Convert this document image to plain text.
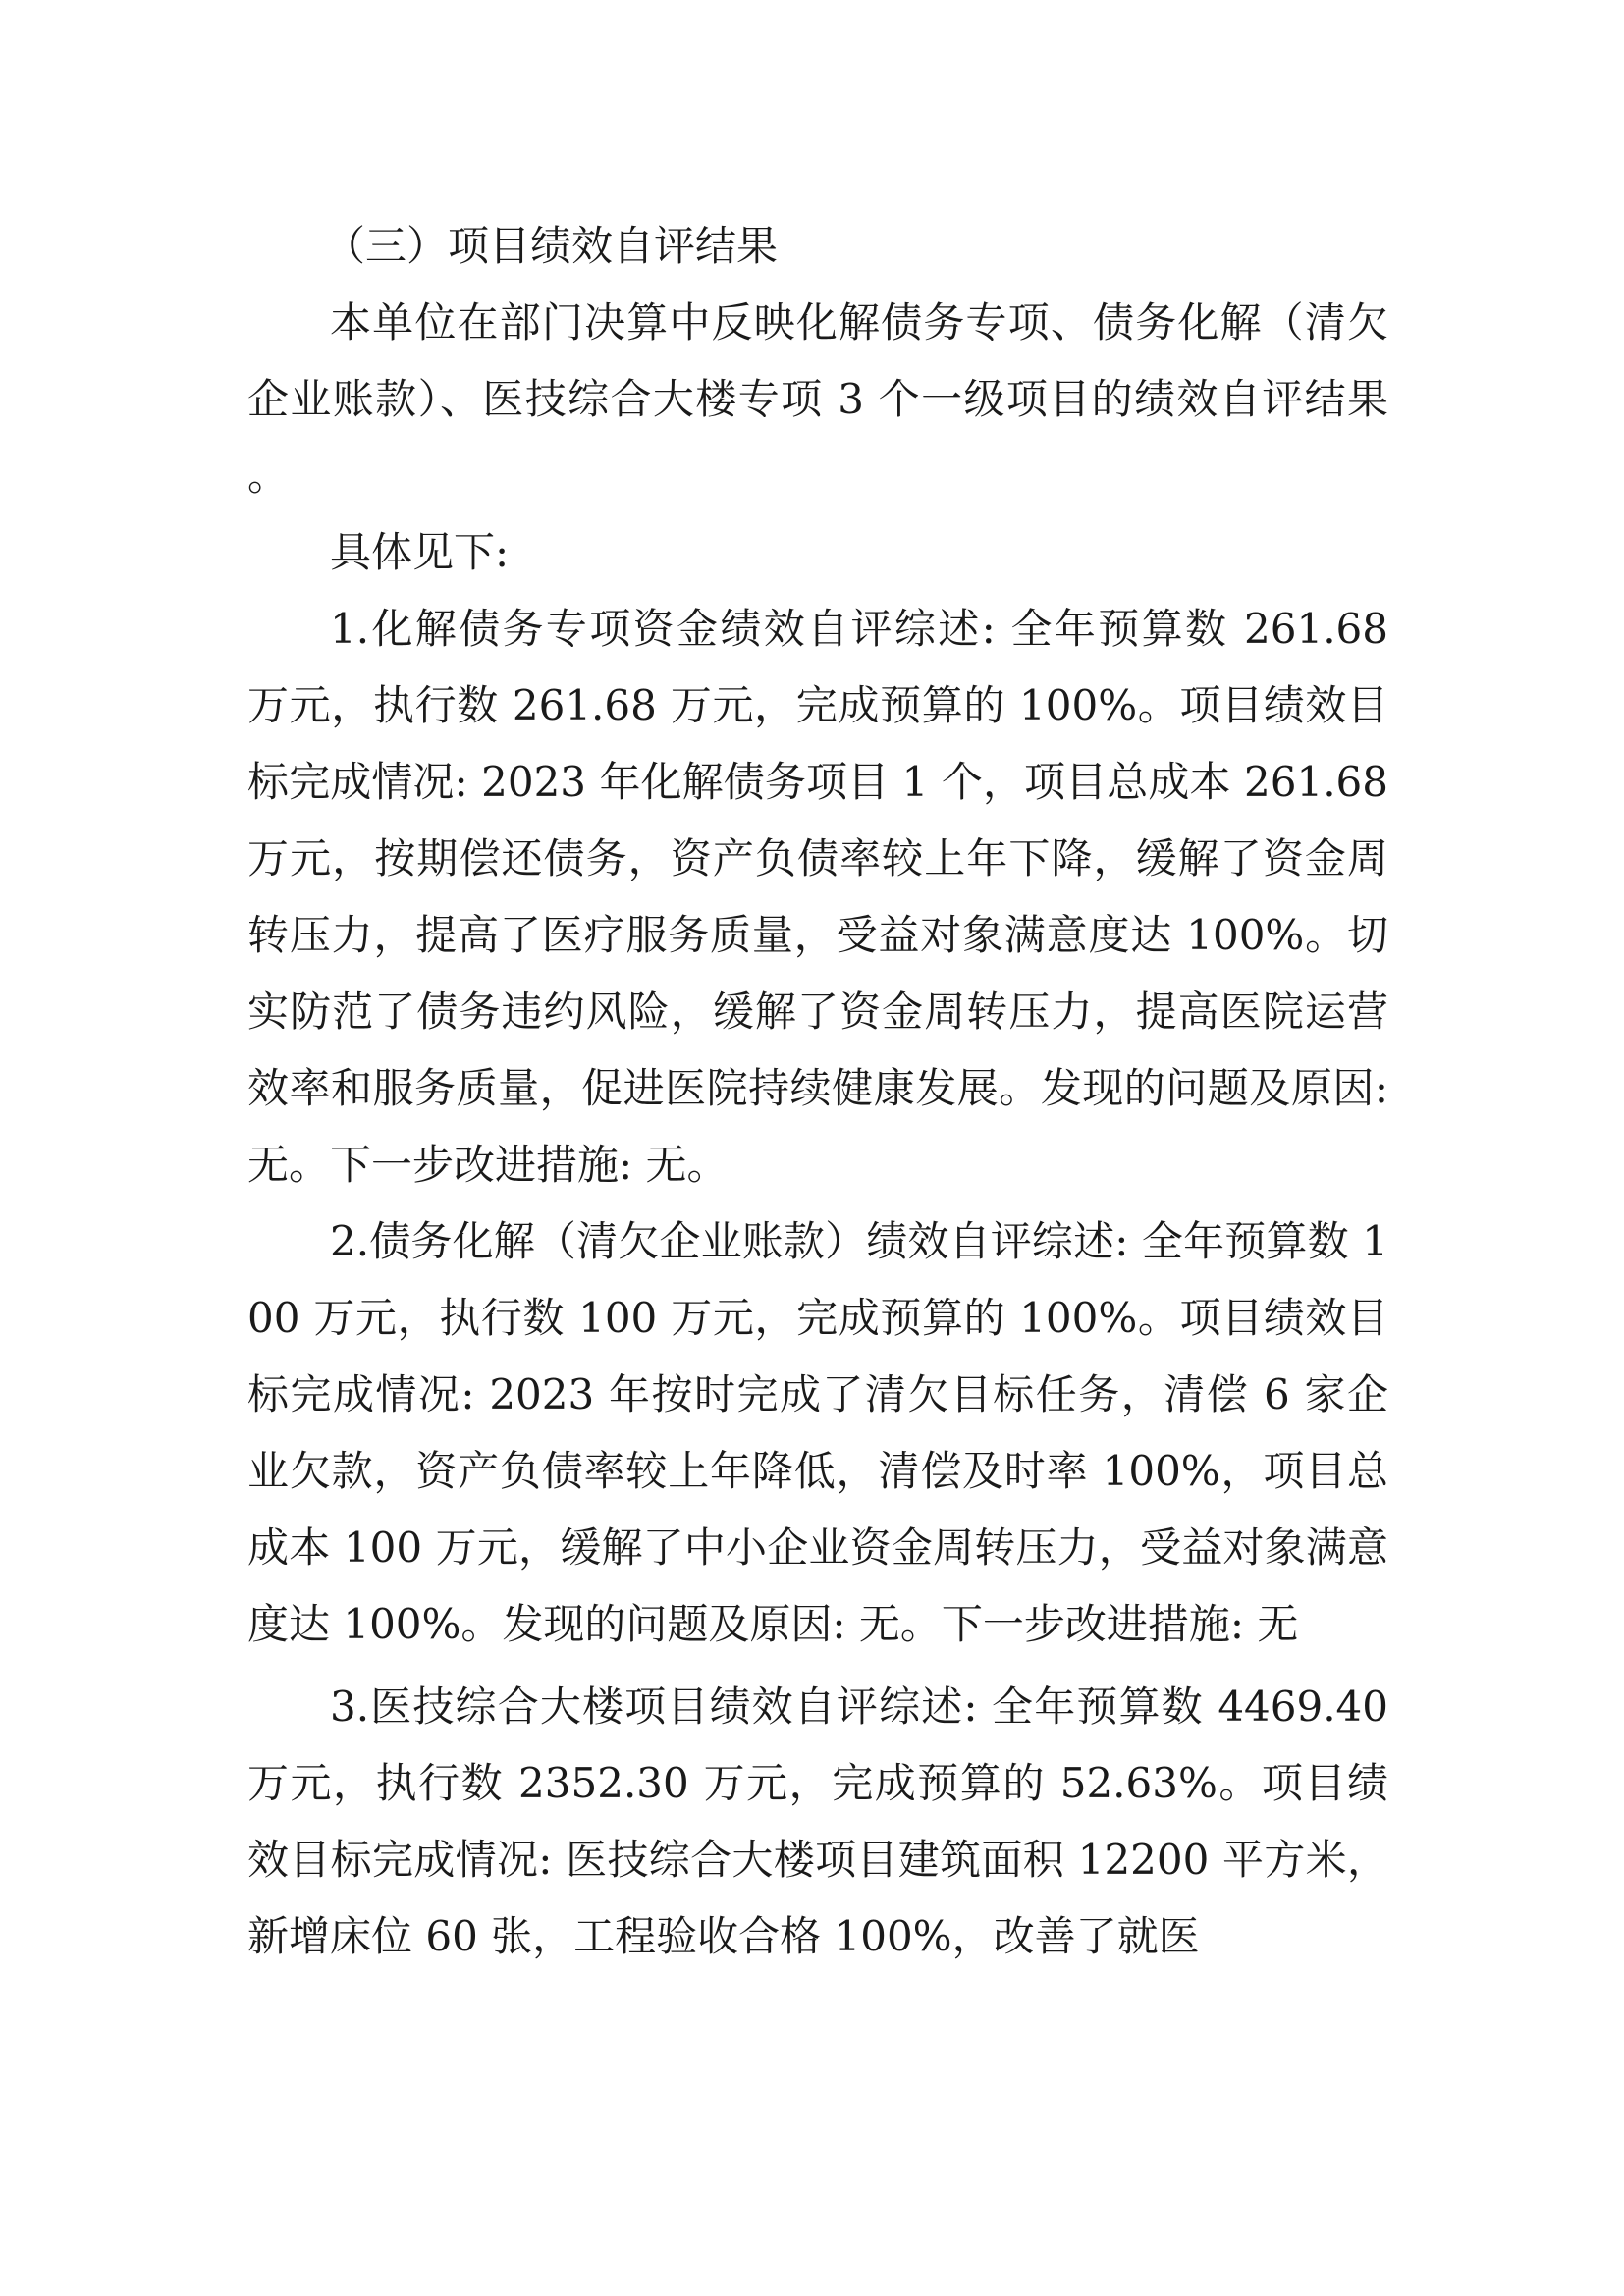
（三）项目绩效自评结果

本单位在部门决算中反映化解债务专项、债务化解（清欠企业账款）、医技综合大楼专项 3 个一级项目的绩效自评结果。

具体见下:

1.化解债务专项资金绩效自评综述: 全年预算数 261.68 万元，执行数 261.68 万元，完成预算的 100%。项目绩效目标完成情况: 2023 年化解债务项目 1 个，项目总成本 261.68 万元，按期偿还债务，资产负债率较上年下降，缓解了资金周转压力，提高了医疗服务质量，受益对象满意度达 100%。切实防范了债务违约风险，缓解了资金周转压力，提高医院运营效率和服务质量，促进医院持续健康发展。发现的问题及原因: 无。下一步改进措施: 无。

2.债务化解（清欠企业账款）绩效自评综述: 全年预算数 100 万元，执行数 100 万元，完成预算的 100%。项目绩效目标完成情况: 2023 年按时完成了清欠目标任务，清偿 6 家企业欠款，资产负债率较上年降低，清偿及时率 100%，项目总成本 100 万元，缓解了中小企业资金周转压力，受益对象满意度达 100%。发现的问题及原因: 无。下一步改进措施: 无

3.医技综合大楼项目绩效自评综述: 全年预算数 4469.40 万元，执行数 2352.30 万元，完成预算的 52.63%。项目绩效目标完成情况: 医技综合大楼项目建筑面积 12200 平方米，新增床位 60 张，工程验收合格 100%，改善了就医
